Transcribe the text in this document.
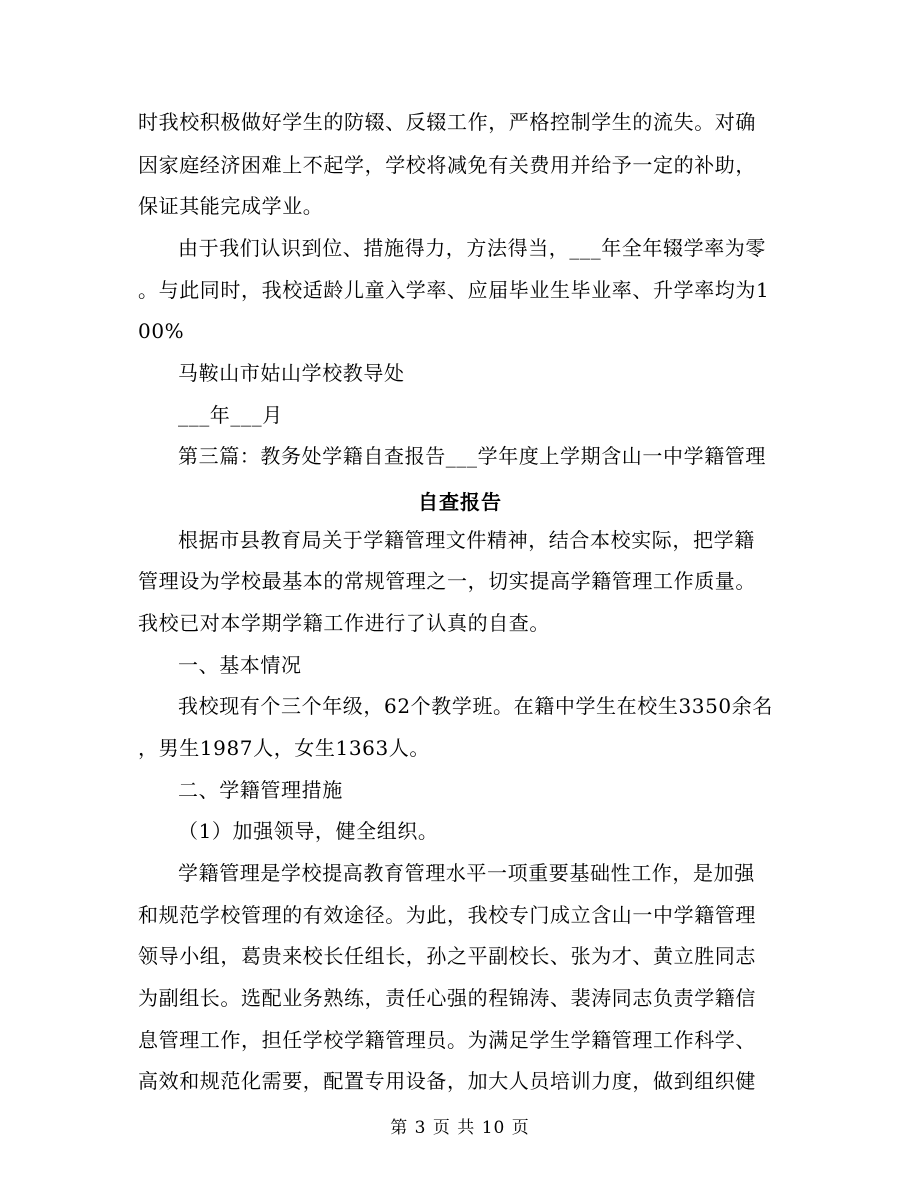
时我校积极做好学生的防辍、反辍工作，严格控制学生的流失。对确
因家庭经济困难上不起学，学校将减免有关费用并给予一定的补助，
保证其能完成学业。
由于我们认识到位、措施得力，方法得当，___年全年辍学率为零
。与此同时，我校适龄儿童入学率、应届毕业生毕业率、升学率均为1
00%
马鞍山市姑山学校教导处
___年___月
第三篇：教务处学籍自查报告___学年度上学期含山一中学籍管理
自查报告
根据市县教育局关于学籍管理文件精神，结合本校实际，把学籍
管理设为学校最基本的常规管理之一，切实提高学籍管理工作质量。
我校已对本学期学籍工作进行了认真的自查。
一、基本情况
我校现有个三个年级，62个教学班。在籍中学生在校生3350余名
，男生1987人，女生1363人。
二、学籍管理措施
（1）加强领导，健全组织。
学籍管理是学校提高教育管理水平一项重要基础性工作，是加强
和规范学校管理的有效途径。为此，我校专门成立含山一中学籍管理
领导小组，葛贵来校长任组长，孙之平副校长、张为才、黄立胜同志
为副组长。选配业务熟练，责任心强的程锦涛、裴涛同志负责学籍信
息管理工作，担任学校学籍管理员。为满足学生学籍管理工作科学、
高效和规范化需要，配置专用设备，加大人员培训力度，做到组织健
第 3 页 共 10 页
